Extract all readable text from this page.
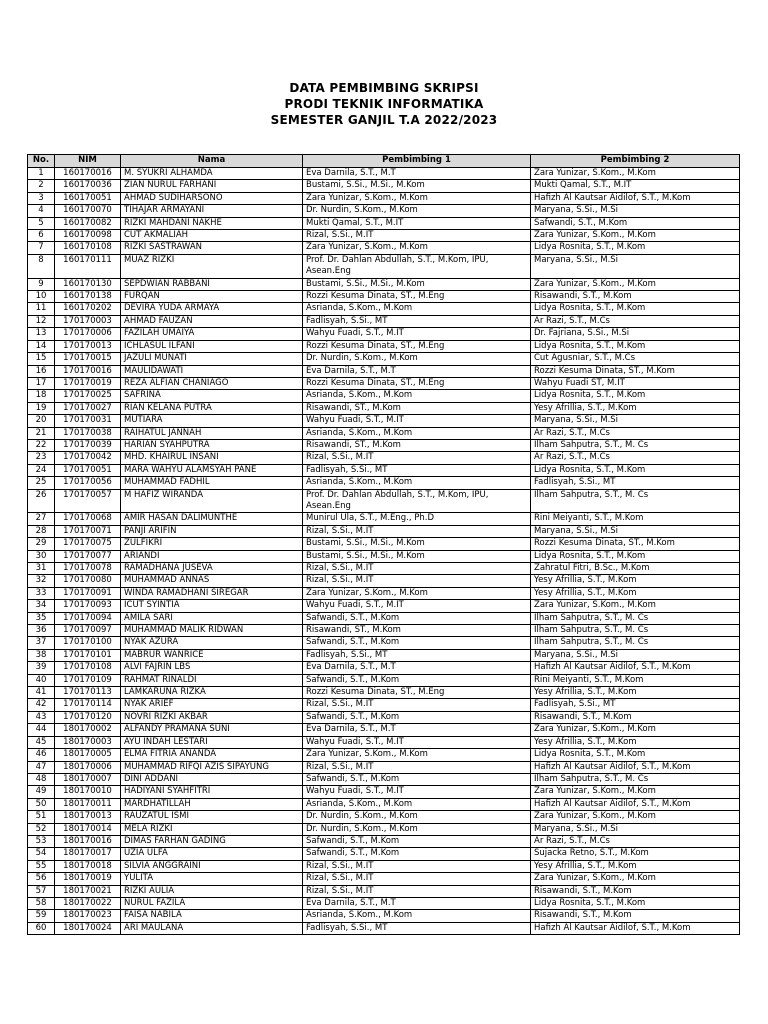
DATA PEMBIMBING SKRIPSI
PRODI TEKNIK INFORMATIKA
SEMESTER GANJIL T.A 2022/2023
No.	NIM	Nama	Pembimbing 1	Pembimbing 2
1	160170016	M. SYUKRI ALHAMDA	Eva Darnila, S.T., M.T	Zara Yunizar, S.Kom., M.Kom
2	160170036	ZIAN NURUL FARHANI	Bustami, S.Si., M.Si., M.Kom	Mukti Qamal, S.T., M.IT
3	160170051	AHMAD SUDIHARSONO	Zara Yunizar, S.Kom., M.Kom	Hafizh Al Kautsar Aidilof, S.T., M.Kom
4	160170070	TIHAJAR ARMAYANI	Dr. Nurdin, S.Kom., M.Kom	Maryana, S.Si., M.Si
5	160170082	RIZKI MAHDANI NAKHE	Mukti Qamal, S.T., M.IT	Safwandi, S.T., M.Kom
6	160170098	CUT AKMALIAH	Rizal, S.Si., M.IT	Zara Yunizar, S.Kom., M.Kom
7	160170108	RIZKI SASTRAWAN	Zara Yunizar, S.Kom., M.Kom	Lidya Rosnita, S.T., M.Kom
8	160170111	MUAZ RIZKI	Prof. Dr. Dahlan Abdullah, S.T., M.Kom, IPU, Asean.Eng	Maryana, S.Si., M.Si
9	160170130	SEPDWIAN RABBANI	Bustami, S.Si., M.Si., M.Kom	Zara Yunizar, S.Kom., M.Kom
10	160170138	FURQAN	Rozzi Kesuma Dinata, ST., M.Eng	Risawandi, S.T., M.Kom
11	160170202	DEVIRA YUDA ARMAYA	Asrianda, S.Kom., M.Kom	Lidya Rosnita, S.T., M.Kom
12	170170003	AHMAD FAUZAN	Fadlisyah, S.Si., MT	Ar Razi, S.T., M.Cs
13	170170006	FAZILAH UMAIYA	Wahyu Fuadi, S.T., M.IT	Dr. Fajriana, S.Si., M.Si
14	170170013	ICHLASUL ILFANI	Rozzi Kesuma Dinata, ST., M.Eng	Lidya Rosnita, S.T., M.Kom
15	170170015	JAZULI MUNATI	Dr. Nurdin, S.Kom., M.Kom	Cut Agusniar, S.T., M.Cs
16	170170016	MAULIDAWATI	Eva Darnila, S.T., M.T	Rozzi Kesuma Dinata, ST., M.Kom
17	170170019	REZA ALFIAN CHANIAGO	Rozzi Kesuma Dinata, ST., M.Eng	Wahyu Fuadi ST, M.IT
18	170170025	SAFRINA	Asrianda, S.Kom., M.Kom	Lidya Rosnita, S.T., M.Kom
19	170170027	RIAN KELANA PUTRA	Risawandi, ST., M.Kom	Yesy Afrillia, S.T., M.Kom
20	170170031	MUTIARA	Wahyu Fuadi, S.T., M.IT	Maryana, S.Si., M.Si
21	170170038	RAIHATUL JANNAH	Asrianda, S.Kom., M.Kom	Ar Razi, S.T., M.Cs
22	170170039	HARIAN SYAHPUTRA	Risawandi, ST., M.Kom	Ilham Sahputra, S.T., M. Cs
23	170170042	MHD. KHAIRUL INSANI	Rizal, S.Si., M.IT	Ar Razi, S.T., M.Cs
24	170170051	MARA WAHYU ALAMSYAH PANE	Fadlisyah, S.Si., MT	Lidya Rosnita, S.T., M.Kom
25	170170056	MUHAMMAD FADHIL	Asrianda, S.Kom., M.Kom	Fadlisyah, S.Si., MT
26	170170057	M HAFIZ WIRANDA	Prof. Dr. Dahlan Abdullah, S.T., M.Kom, IPU, Asean.Eng	Ilham Sahputra, S.T., M. Cs
27	170170068	AMIR HASAN DALIMUNTHE	Munirul Ula, S.T., M.Eng., Ph.D	Rini Meiyanti, S.T., M.Kom
28	170170071	PANJI ARIFIN	Rizal, S.Si., M.IT	Maryana, S.Si., M.Si
29	170170075	ZULFIKRI	Bustami, S.Si., M.Si., M.Kom	Rozzi Kesuma Dinata, ST., M.Kom
30	170170077	ARIANDI	Bustami, S.Si., M.Si., M.Kom	Lidya Rosnita, S.T., M.Kom
31	170170078	RAMADHANA JUSEVA	Rizal, S.Si., M.IT	Zahratul Fitri, B.Sc., M.Kom
32	170170080	MUHAMMAD ANNAS	Rizal, S.Si., M.IT	Yesy Afrillia, S.T., M.Kom
33	170170091	WINDA RAMADHANI SIREGAR	Zara Yunizar, S.Kom., M.Kom	Yesy Afrillia, S.T., M.Kom
34	170170093	ICUT SYINTIA	Wahyu Fuadi, S.T., M.IT	Zara Yunizar, S.Kom., M.Kom
35	170170094	AMILA SARI	Safwandi, S.T., M.Kom	Ilham Sahputra, S.T., M. Cs
36	170170097	MUHAMMAD MALIK RIDWAN	Risawandi, ST., M.Kom	Ilham Sahputra, S.T., M. Cs
37	170170100	NYAK AZURA	Safwandi, S.T., M.Kom	Ilham Sahputra, S.T., M. Cs
38	170170101	MABRUR WANRICE	Fadlisyah, S.Si., MT	Maryana, S.Si., M.Si
39	170170108	ALVI FAJRIN LBS	Eva Darnila, S.T., M.T	Hafizh Al Kautsar Aidilof, S.T., M.Kom
40	170170109	RAHMAT RINALDI	Safwandi, S.T., M.Kom	Rini Meiyanti, S.T., M.Kom
41	170170113	LAMKARUNA RIZKA	Rozzi Kesuma Dinata, ST., M.Eng	Yesy Afrillia, S.T., M.Kom
42	170170114	NYAK ARIEF	Rizal, S.Si., M.IT	Fadlisyah, S.Si., MT
43	170170120	NOVRI RIZKI AKBAR	Safwandi, S.T., M.Kom	Risawandi, S.T., M.Kom
44	180170002	ALFANDY PRAMANA SUNI	Eva Darnila, S.T., M.T	Zara Yunizar, S.Kom., M.Kom
45	180170003	AYU INDAH LESTARI	Wahyu Fuadi, S.T., M.IT	Yesy Afrillia, S.T., M.Kom
46	180170005	ELMA FITRIA ANANDA	Zara Yunizar, S.Kom., M.Kom	Lidya Rosnita, S.T., M.Kom
47	180170006	MUHAMMAD RIFQI AZIS SIPAYUNG	Rizal, S.Si., M.IT	Hafizh Al Kautsar Aidilof, S.T., M.Kom
48	180170007	DINI ADDANI	Safwandi, S.T., M.Kom	Ilham Sahputra, S.T., M. Cs
49	180170010	HADIYANI SYAHFITRI	Wahyu Fuadi, S.T., M.IT	Zara Yunizar, S.Kom., M.Kom
50	180170011	MARDHATILLAH	Asrianda, S.Kom., M.Kom	Hafizh Al Kautsar Aidilof, S.T., M.Kom
51	180170013	RAUZATUL ISMI	Dr. Nurdin, S.Kom., M.Kom	Zara Yunizar, S.Kom., M.Kom
52	180170014	MELA RIZKI	Dr. Nurdin, S.Kom., M.Kom	Maryana, S.Si., M.Si
53	180170016	DIMAS FARHAN GADING	Safwandi, S.T., M.Kom	Ar Razi, S.T., M.Cs
54	180170017	UZIA ULFA	Safwandi, S.T., M.Kom	Sujacka Retno, S.T., M.Kom
55	180170018	SILVIA ANGGRAINI	Rizal, S.Si., M.IT	Yesy Afrillia, S.T., M.Kom
56	180170019	YULITA	Rizal, S.Si., M.IT	Zara Yunizar, S.Kom., M.Kom
57	180170021	RIZKI AULIA	Rizal, S.Si., M.IT	Risawandi, S.T., M.Kom
58	180170022	NURUL FAZILA	Eva Darnila, S.T., M.T	Lidya Rosnita, S.T., M.Kom
59	180170023	FAISA NABILA	Asrianda, S.Kom., M.Kom	Risawandi, S.T., M.Kom
60	180170024	ARI MAULANA	Fadlisyah, S.Si., MT	Hafizh Al Kautsar Aidilof, S.T., M.Kom
